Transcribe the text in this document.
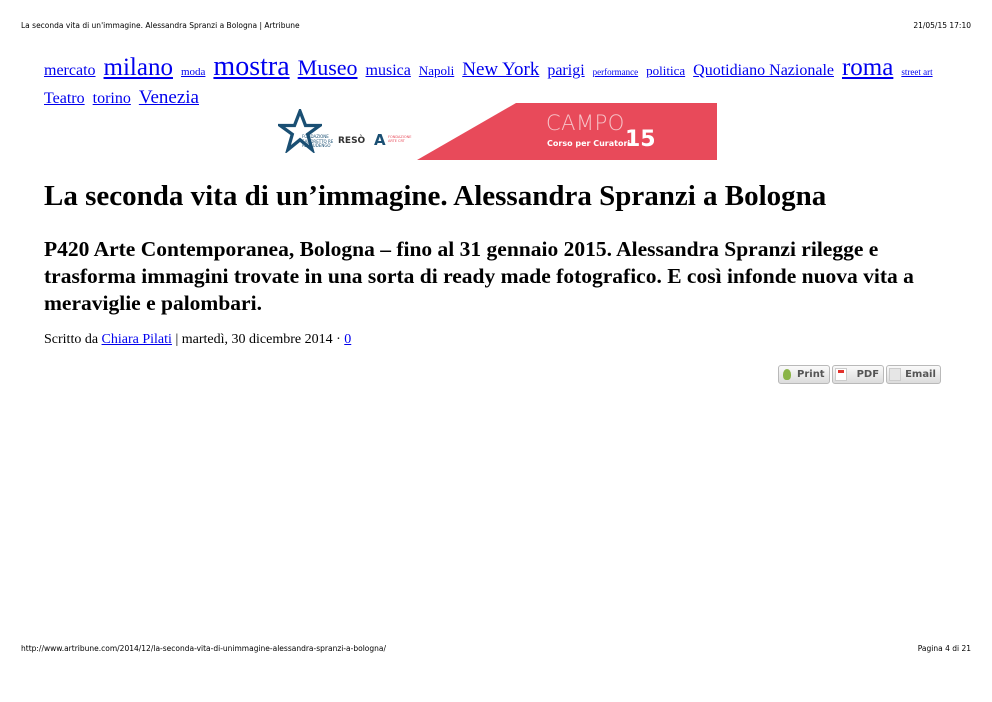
La seconda vita di un'immagine. Alessandra Spranzi a Bologna | Artribune	21/05/15 17:10
mercato milano moda mostra Museo musica Napoli New York parigi performance politica Quotidiano Nazionale roma street art Teatro torino Venezia
FONDAZIONE SANDRETTO RE REBAUDENGO RESÒ A FONDAZIONE ARTE CRT
CAMPO
15
Corso per Curatori
La seconda vita di un’immagine. Alessandra Spranzi a Bologna
P420 Arte Contemporanea, Bologna – fino al 31 gennaio 2015. Alessandra Spranzi rilegge e trasforma immagini trovate in una sorta di ready made fotografico. E così infonde nuova vita a meraviglie e palombari.
Scritto da Chiara Pilati | martedì, 30 dicembre 2014 · 0
Print	PDF	Email
http://www.artribune.com/2014/12/la-seconda-vita-di-unimmagine-alessandra-spranzi-a-bologna/	Pagina 4 di 21
